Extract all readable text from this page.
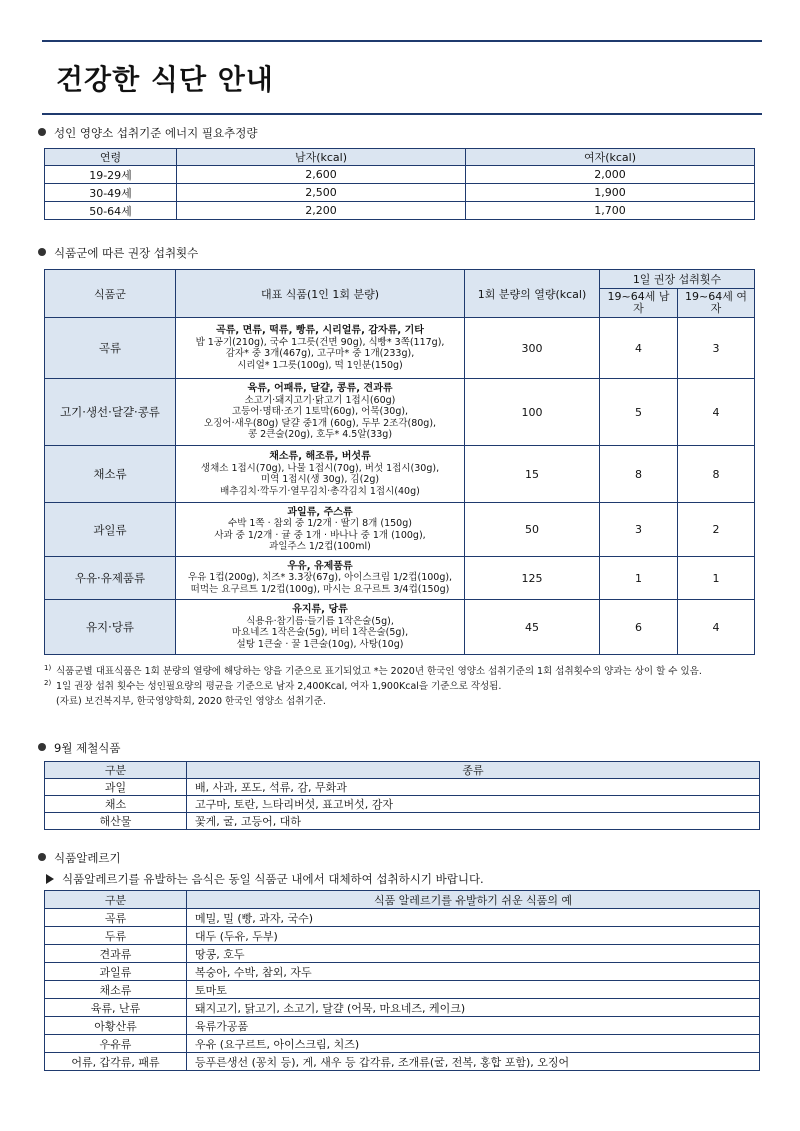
건강한 식단 안내
성인 영양소 섭취기준 에너지 필요추정량
연령	남자(kcal)	여자(kcal)
19-29세	2,600	2,000
30-49세	2,500	1,900
50-64세	2,200	1,700
식품군에 따른 권장 섭취횟수
식품군	대표 식품(1인 1회 분량)	1회 분량의 열량(kcal)	1일 권장 섭취횟수	
			19~64세 남자	19~64세 여자
곡류	곡류, 면류, 떡류, 빵류, 시리얼류, 감자류, 기타
밥 1공기(210g), 국수 1그릇(건면 90g), 식빵* 3쪽(117g),
감자* 중 3개(467g), 고구마* 중 1개(233g),
시리얼* 1그릇(100g), 떡 1인분(150g)	300	4	3
고기·생선·달걀·콩류	육류, 어패류, 달걀, 콩류, 견과류
소고기·돼지고기·닭고기 1접시(60g)
고등어·명태·조기 1토막(60g), 어묵(30g),
오징어·새우(80g) 달걀 중1개 (60g), 두부 2조각(80g),
콩 2큰술(20g), 호두* 4.5알(33g)	100	5	4
채소류	채소류, 해조류, 버섯류
생채소 1접시(70g), 나물 1접시(70g), 버섯 1접시(30g),
미역 1접시(생 30g), 김(2g)
배추김치·깍두기·열무김치·총각김치 1접시(40g)	15	8	8
과일류	과일류, 주스류
수박 1쪽 · 참외 중 1/2개 · 딸기 8개 (150g)
사과 중 1/2개 · 귤 중 1개 · 바나나 중 1개 (100g),
과일주스 1/2컵(100ml)	50	3	2
우유·유제품류	우유, 유제품류
우유 1컵(200g), 치즈* 3.3장(67g), 아이스크림 1/2컵(100g),
떠먹는 요구르트 1/2컵(100g), 마시는 요구르트 3/4컵(150g)	125	1	1
유지·당류	유지류, 당류
식용유·참기름·들기름 1작은술(5g),
마요네즈 1작은술(5g), 버터 1작은술(5g),
설탕 1큰술 · 꿀 1큰술(10g), 사탕(10g)	45	6	4
1) 식품군별 대표식품은 1회 분량의 열량에 해당하는 양을 기준으로 표기되었고 *는 2020년 한국인 영양소 섭취기준의 1회 섭취횟수의 양과는 상이 할 수 있음.
2) 1일 권장 섭취 횟수는 성인필요량의 평균을 기준으로 남자 2,400Kcal, 여자 1,900Kcal을 기준으로 작성됨.
(자료) 보건복지부, 한국영양학회, 2020 한국인 영양소 섭취기준.
9월 제철식품
구분	종류
과일	배, 사과, 포도, 석류, 감, 무화과
채소	고구마, 토란, 느타리버섯, 표고버섯, 감자
해산물	꽃게, 굴, 고등어, 대하
식품알레르기
식품알레르기를 유발하는 음식은 동일 식품군 내에서 대체하여 섭취하시기 바랍니다.
구분	식품 알레르기를 유발하기 쉬운 식품의 예
곡류	메밀, 밀 (빵, 과자, 국수)
두류	대두 (두유, 두부)
견과류	땅콩, 호두
과일류	복숭아, 수박, 참외, 자두
채소류	토마토
육류, 난류	돼지고기, 닭고기, 소고기, 달걀 (어묵, 마요네즈, 케이크)
아황산류	육류가공품
우유류	우유 (요구르트, 아이스크림, 치즈)
어류, 갑각류, 패류	등푸른생선 (꽁치 등), 게, 새우 등 갑각류, 조개류(굴, 전복, 홍합 포함), 오징어
